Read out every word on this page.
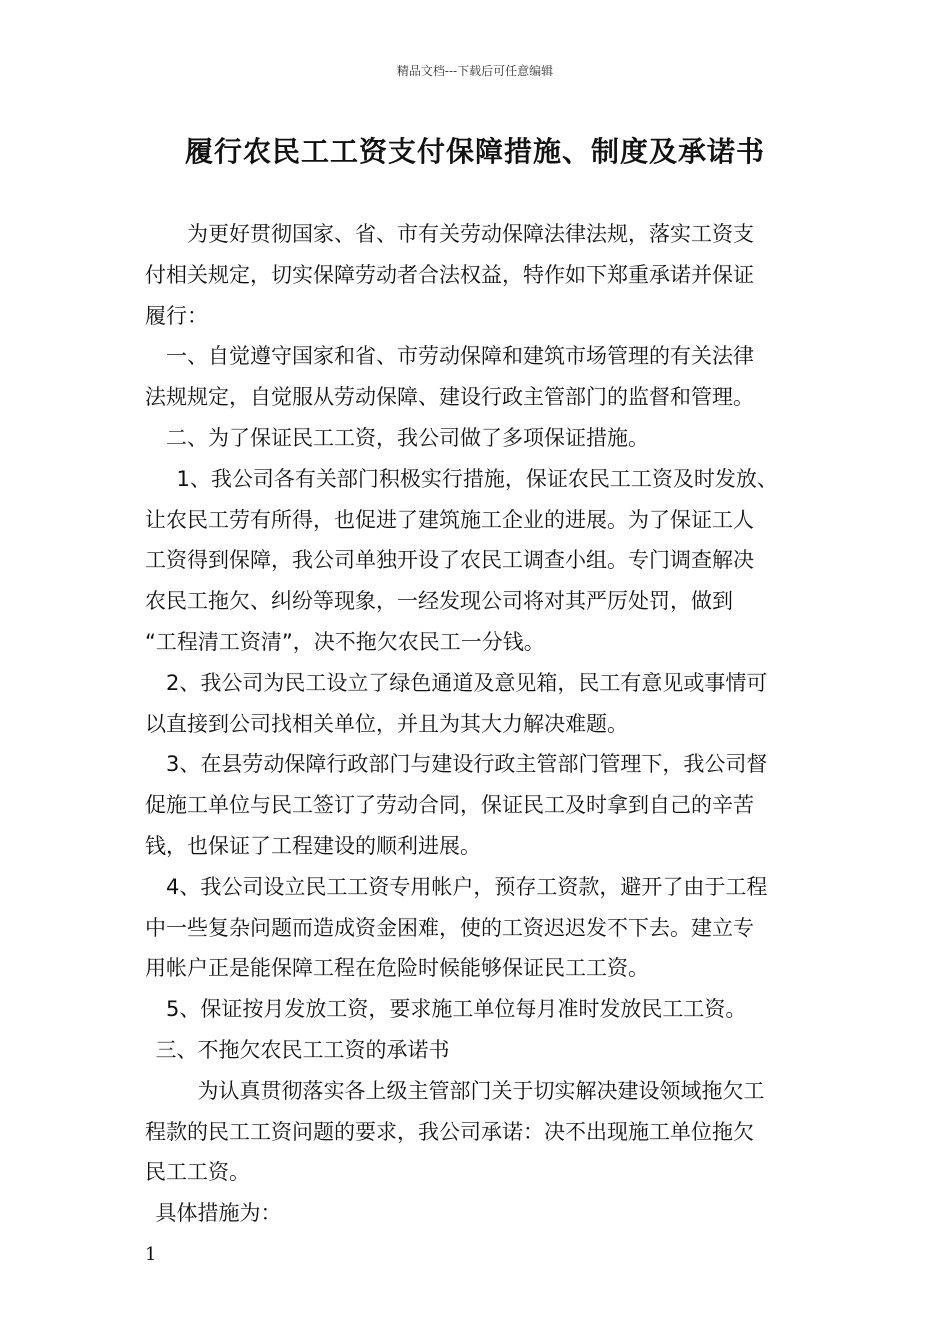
精品文档---下载后可任意编辑
履行农民工工资支付保障措施、制度及承诺书
为更好贯彻国家、省、市有关劳动保障法律法规，落实工资支
付相关规定，切实保障劳动者合法权益，特作如下郑重承诺并保证
履行：
一、自觉遵守国家和省、市劳动保障和建筑市场管理的有关法律
法规规定，自觉服从劳动保障、建设行政主管部门的监督和管理。
二、为了保证民工工资，我公司做了多项保证措施。
1、我公司各有关部门积极实行措施，保证农民工工资及时发放、
让农民工劳有所得，也促进了建筑施工企业的进展。为了保证工人
工资得到保障，我公司单独开设了农民工调查小组。专门调查解决
农民工拖欠、纠纷等现象，一经发现公司将对其严厉处罚，做到
“工程清工资清”，决不拖欠农民工一分钱。
2、我公司为民工设立了绿色通道及意见箱，民工有意见或事情可
以直接到公司找相关单位，并且为其大力解决难题。
3、在县劳动保障行政部门与建设行政主管部门管理下，我公司督
促施工单位与民工签订了劳动合同，保证民工及时拿到自己的辛苦
钱，也保证了工程建设的顺利进展。
4、我公司设立民工工资专用帐户，预存工资款，避开了由于工程
中一些复杂问题而造成资金困难，使的工资迟迟发不下去。建立专
用帐户正是能保障工程在危险时候能够保证民工工资。
5、保证按月发放工资，要求施工单位每月准时发放民工工资。
三、不拖欠农民工工资的承诺书
为认真贯彻落实各上级主管部门关于切实解决建设领域拖欠工
程款的民工工资问题的要求，我公司承诺：决不出现施工单位拖欠
民工工资。
具体措施为：
1
